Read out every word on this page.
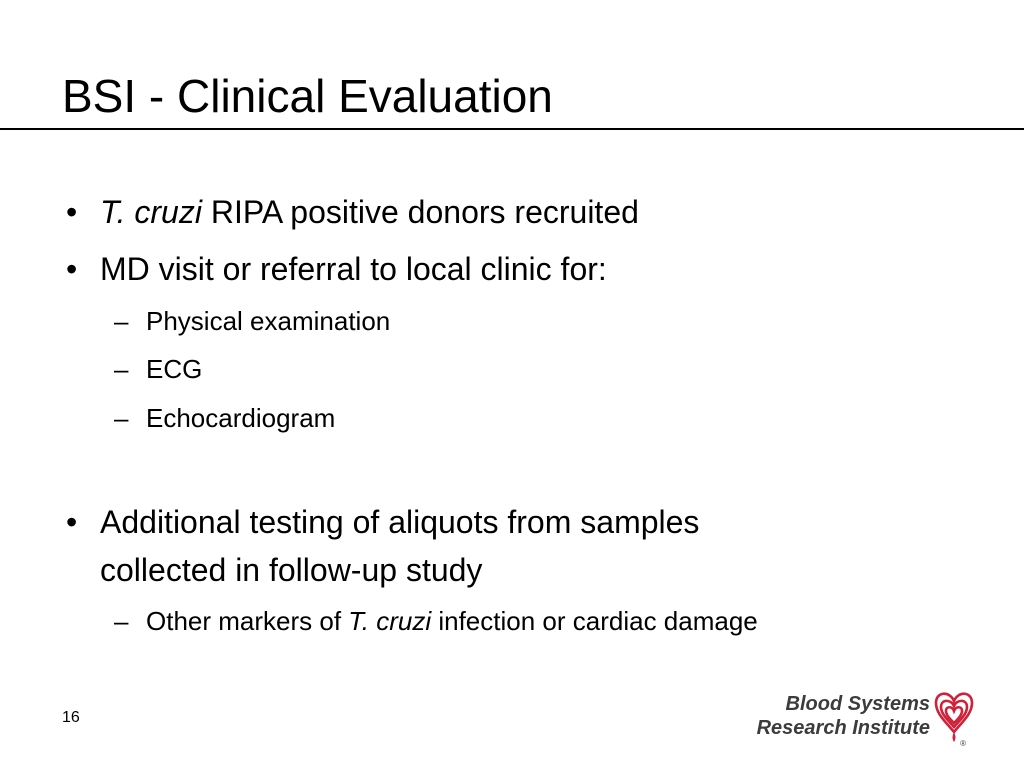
BSI - Clinical Evaluation
• T. cruzi RIPA positive donors recruited
• MD visit or referral to local clinic for:
– Physical examination
– ECG
– Echocardiogram
• Additional testing of aliquots from samples
collected in follow-up study
– Other markers of T. cruzi infection or cardiac damage
16
Blood Systems
Research Institute
®
